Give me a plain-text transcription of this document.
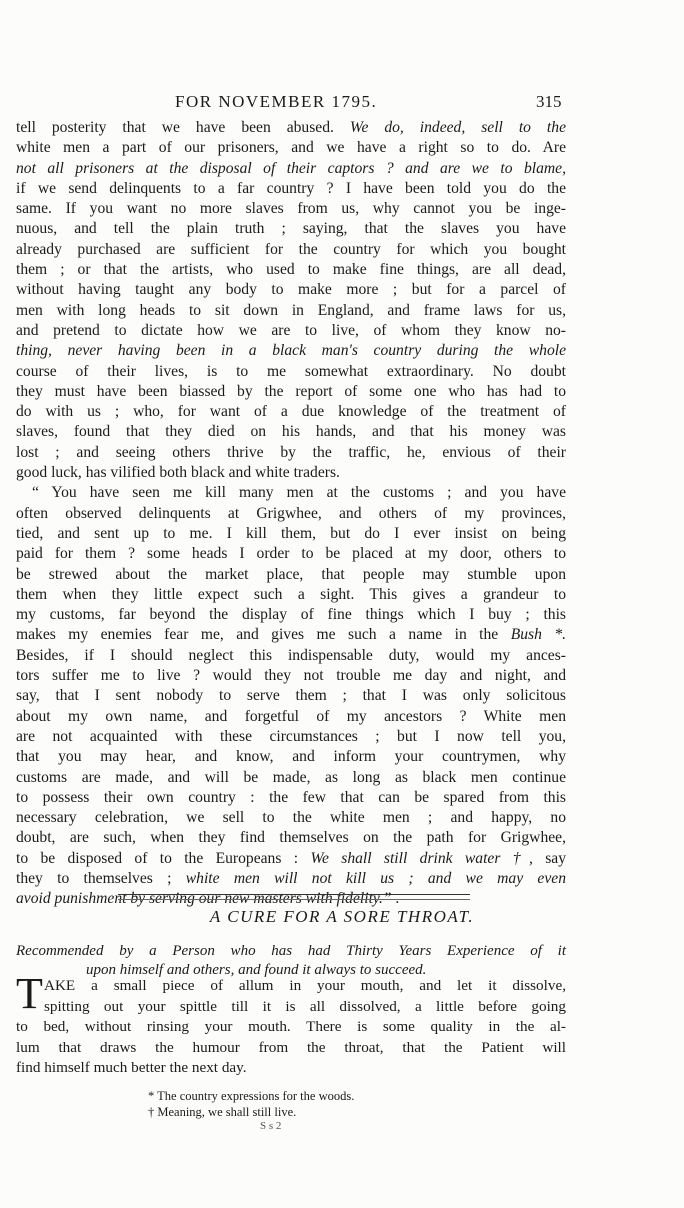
FOR NOVEMBER 1795.	315
tell posterity that we have been abused. We do, indeed, sell to the
white men a part of our prisoners, and we have a right so to do. Are
not all prisoners at the disposal of their captors ? and are we to blame,
if we send delinquents to a far country ? I have been told you do the
same. If you want no more slaves from us, why cannot you be inge-
nuous, and tell the plain truth ; saying, that the slaves you have
already purchased are sufficient for the country for which you bought
them ; or that the artists, who used to make fine things, are all dead,
without having taught any body to make more ; but for a parcel of
men with long heads to sit down in England, and frame laws for us,
and pretend to dictate how we are to live, of whom they know no-
thing, never having been in a black man's country during the whole
course of their lives, is to me somewhat extraordinary. No doubt
they must have been biassed by the report of some one who has had to
do with us ; who, for want of a due knowledge of the treatment of
slaves, found that they died on his hands, and that his money was
lost ; and seeing others thrive by the traffic, he, envious of their
good luck, has vilified both black and white traders.
“ You have seen me kill many men at the customs ; and you have
often observed delinquents at Grigwhee, and others of my provinces,
tied, and sent up to me. I kill them, but do I ever insist on being
paid for them ? some heads I order to be placed at my door, others to
be strewed about the market place, that people may stumble upon
them when they little expect such a sight. This gives a grandeur to
my customs, far beyond the display of fine things which I buy ; this
makes my enemies fear me, and gives me such a name in the Bush *.
Besides, if I should neglect this indispensable duty, would my ances-
tors suffer me to live ? would they not trouble me day and night, and
say, that I sent nobody to serve them ; that I was only solicitous
about my own name, and forgetful of my ancestors ? White men
are not acquainted with these circumstances ; but I now tell you,
that you may hear, and know, and inform your countrymen, why
customs are made, and will be made, as long as black men continue
to possess their own country : the few that can be spared from this
necessary celebration, we sell to the white men ; and happy, no
doubt, are such, when they find themselves on the path for Grigwhee,
to be disposed of to the Europeans : We shall still drink water †, say
they to themselves ; white men will not kill us ; and we may even
avoid punishment by serving our new masters with fidelity.” .
A CURE FOR A SORE THROAT.
Recommended by a Person who has had Thirty Years Experience of it
upon himself and others, and found it always to succeed.
T AKE a small piece of allum in your mouth, and let it dissolve,
spitting out your spittle till it is all dissolved, a little before going
to bed, without rinsing your mouth. There is some quality in the al-
lum that draws the humour from the throat, that the Patient will
find himself much better the next day.
* The country expressions for the woods.
† Meaning, we shall still live.
S s 2
